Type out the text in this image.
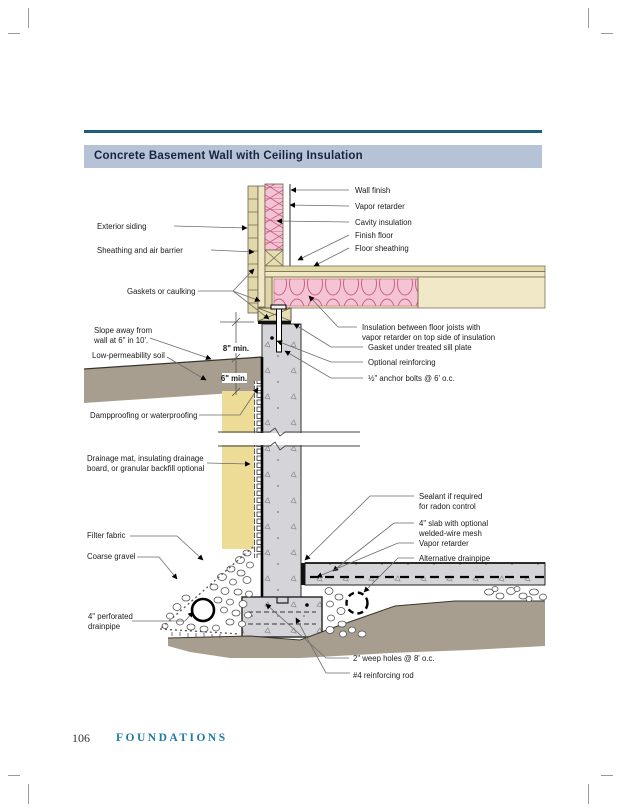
Concrete Basement Wall with Ceiling Insulation
8" min.
6" min.
Exterior siding
Sheathing and air barrier
Gaskets or caulking
Slope away from
wall at 6" in 10'.
Low-permeability soil
Dampproofing or waterproofing
Drainage mat, insulating drainage
board, or granular backfill optional
Filter fabric
Coarse gravel
4" perforated
drainpipe
Wall finish
Vapor retarder
Cavity insulation
Finish floor
Floor sheathing
Insulation between floor joists with
vapor retarder on top side of insulation
Gasket under treated sill plate
Optional reinforcing
½" anchor bolts @ 6' o.c.
Sealant if required
for radon control
4" slab with optional
welded-wire mesh
Vapor retarder
Alternative drainpipe
2" weep holes @ 8' o.c.
#4 reinforcing rod
106 FOUNDATIONS
